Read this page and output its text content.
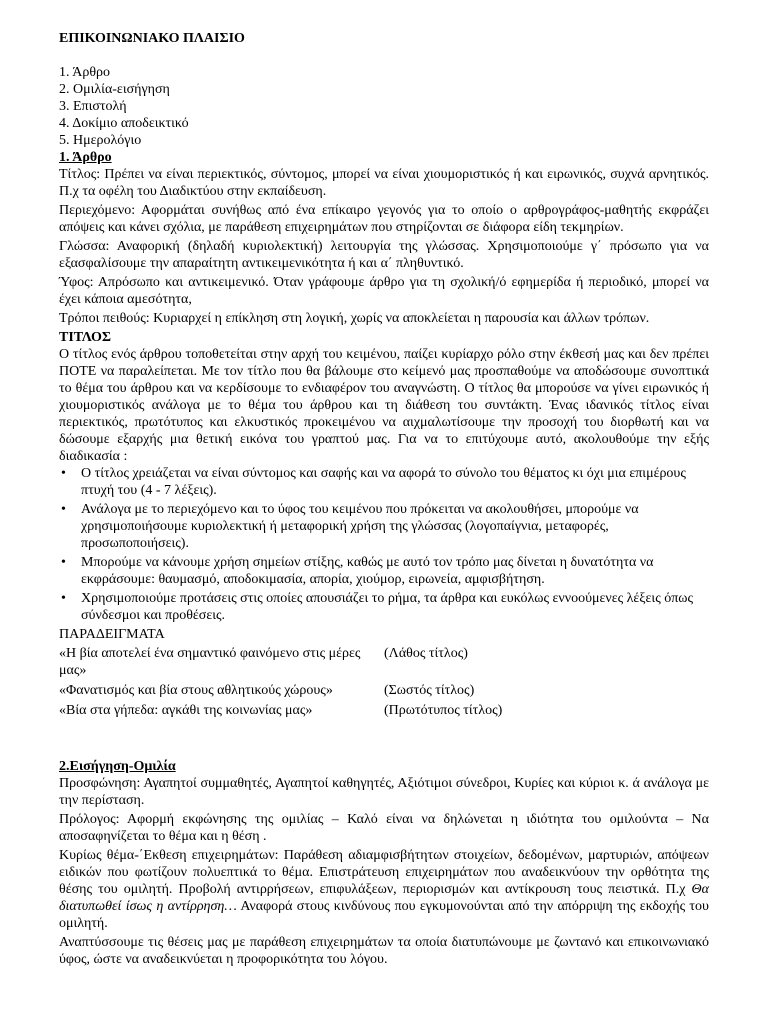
ΕΠΙΚΟΙΝΩΝΙΑΚΟ ΠΛΑΙΣΙΟ
1. Άρθρο
2. Ομιλία-εισήγηση
3. Επιστολή
4. Δοκίμιο αποδεικτικό
5. Ημερολόγιο
1. Άρθρο

Τίτλος: Πρέπει να είναι περιεκτικός, σύντομος, μπορεί να είναι χιουμοριστικός ή και ειρωνικός, συχνά αρνητικός. Π.χ τα οφέλη του Διαδικτύου στην εκπαίδευση.

Περιεχόμενο: Αφορμάται συνήθως από ένα επίκαιρο γεγονός για το οποίο ο αρθρογράφος-μαθητής εκφράζει απόψεις και κάνει σχόλια, με παράθεση επιχειρημάτων που στηρίζονται σε διάφορα είδη τεκμηρίων.

Γλώσσα: Αναφορική (δηλαδή κυριολεκτική) λειτουργία της γλώσσας. Χρησιμοποιούμε γ΄ πρόσωπο για να εξασφαλίσουμε την απαραίτητη αντικειμενικότητα ή και α΄ πληθυντικό.

Ύφος: Απρόσωπο και αντικειμενικό. Όταν γράφουμε άρθρο για τη σχολική/ό εφημερίδα ή περιοδικό, μπορεί να έχει κάποια αμεσότητα,

Τρόποι πειθούς: Κυριαρχεί η επίκληση στη λογική, χωρίς να αποκλείεται η παρουσία και άλλων τρόπων.

ΤΙΤΛΟΣ

Ο τίτλος ενός άρθρου τοποθετείται στην αρχή του κειμένου, παίζει κυρίαρχο ρόλο στην έκθεσή μας και δεν πρέπει ΠΟΤΕ να παραλείπεται. Με τον τίτλο που θα βάλουμε στο κείμενό μας προσπαθούμε να αποδώσουμε συνοπτικά το θέμα του άρθρου και να κερδίσουμε το ενδιαφέρον του αναγνώστη. Ο τίτλος θα μπορούσε να γίνει ειρωνικός ή χιουμοριστικός ανάλογα με το θέμα του άρθρου και τη διάθεση του συντάκτη. Ένας ιδανικός τίτλος είναι περιεκτικός, πρωτότυπος και ελκυστικός προκειμένου να αιχμαλωτίσουμε την προσοχή του διορθωτή και να δώσουμε εξαρχής μια θετική εικόνα του γραπτού μας. Για να το επιτύχουμε αυτό, ακολουθούμε την εξής διαδικασία :

• Ο τίτλος χρειάζεται να είναι σύντομος και σαφής και να αφορά το σύνολο του θέματος κι όχι μια επιμέρους πτυχή του (4 - 7 λέξεις).
• Ανάλογα με το περιεχόμενο και το ύφος του κειμένου που πρόκειται να ακολουθήσει, μπορούμε να χρησιμοποιήσουμε κυριολεκτική ή μεταφορική χρήση της γλώσσας (λογοπαίγνια, μεταφορές, προσωποποιήσεις).
• Μπορούμε να κάνουμε χρήση σημείων στίξης, καθώς με αυτό τον τρόπο μας δίνεται η δυνατότητα να εκφράσουμε: θαυμασμό, αποδοκιμασία, απορία, χιούμορ, ειρωνεία, αμφισβήτηση.
• Χρησιμοποιούμε προτάσεις στις οποίες απουσιάζει το ρήμα, τα άρθρα και ευκόλως εννοούμενες λέξεις όπως σύνδεσμοι και προθέσεις.
ΠΑΡΑΔΕΙΓΜΑΤΑ
«Η βία αποτελεί ένα σημαντικό φαινόμενο στις μέρες μας»
(Λάθος τίτλος)
«Φανατισμός και βία στους αθλητικούς χώρους»	(Σωστός τίτλος)
«Βία στα γήπεδα: αγκάθι της κοινωνίας μας»	(Πρωτότυπος τίτλος)
2.Εισήγηση-Ομιλία

Προσφώνηση: Αγαπητοί συμμαθητές, Αγαπητοί καθηγητές, Αξιότιμοι σύνεδροι, Κυρίες και κύριοι κ. ά ανάλογα με την περίσταση.

Πρόλογος: Αφορμή εκφώνησης της ομιλίας – Καλό είναι να δηλώνεται η ιδιότητα του ομιλούντα – Να αποσαφηνίζεται το θέμα και η θέση .

Κυρίως θέμα-΄Εκθεση επιχειρημάτων: Παράθεση αδιαμφισβήτητων στοιχείων, δεδομένων, μαρτυριών, απόψεων ειδικών που φωτίζουν πολυεπτικά το θέμα. Επιστράτευση επιχειρημάτων που αναδεικνύουν την ορθότητα της θέσης του ομιλητή. Προβολή αντιρρήσεων, επιφυλάξεων, περιορισμών και αντίκρουση τους πειστικά. Π.χ Θα διατυπωθεί ίσως η αντίρρηση… Αναφορά στους κινδύνους που εγκυμονούνται από την απόρριψη της εκδοχής του ομιλητή.

Αναπτύσσουμε τις θέσεις μας με παράθεση επιχειρημάτων τα οποία διατυπώνουμε με ζωντανό και επικοινωνιακό ύφος, ώστε να αναδεικνύεται η προφορικότητα του λόγου.
